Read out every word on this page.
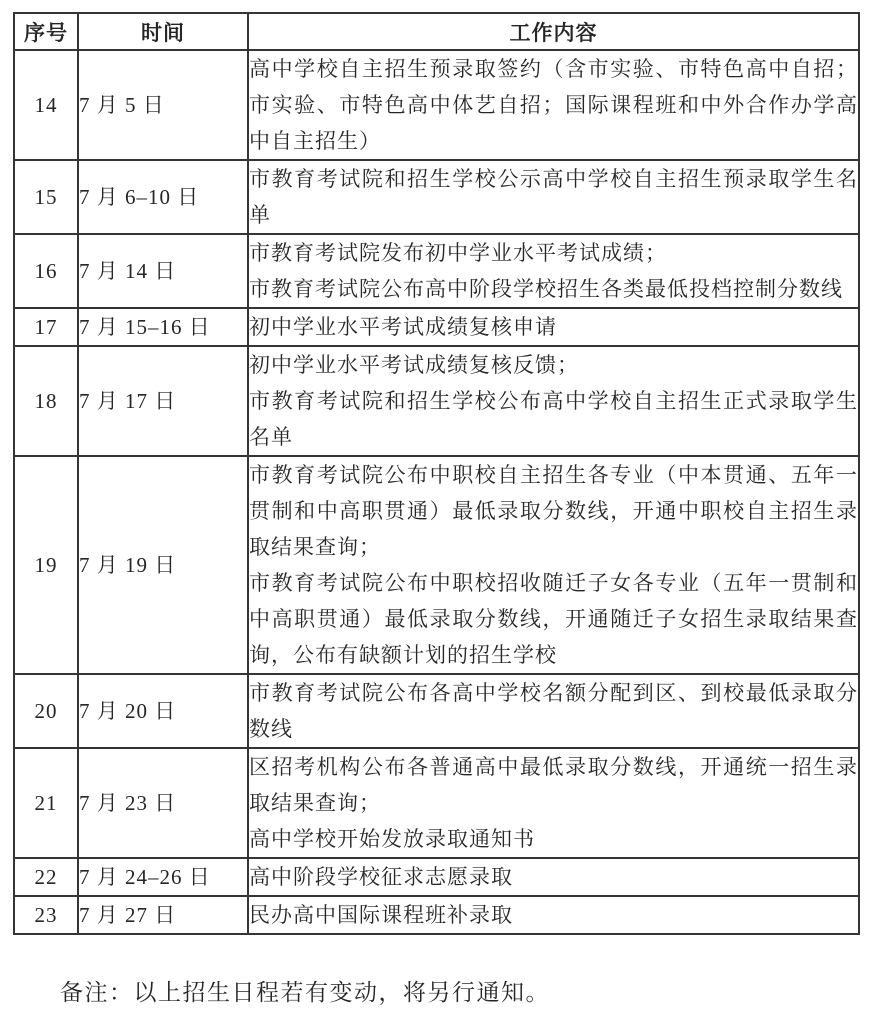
序号	时间	工作内容
14	7 月 5 日	高中学校自主招生预录取签约（含市实验、市特色高中自招；市实验、市特色高中体艺自招；国际课程班和中外合作办学高中自主招生）

15	7 月 6–10 日	市教育考试院和招生学校公示高中学校自主招生预录取学生名单

16	7 月 14 日	市教育考试院发布初中学业水平考试成绩；
市教育考试院公布高中阶段学校招生各类最低投档控制分数线

17	7 月 15–16 日	初中学业水平考试成绩复核申请

18	7 月 17 日	初中学业水平考试成绩复核反馈；
市教育考试院和招生学校公布高中学校自主招生正式录取学生名单

19	7 月 19 日	市教育考试院公布中职校自主招生各专业（中本贯通、五年一贯制和中高职贯通）最低录取分数线，开通中职校自主招生录取结果查询；
市教育考试院公布中职校招收随迁子女各专业（五年一贯制和中高职贯通）最低录取分数线，开通随迁子女招生录取结果查询，公布有缺额计划的招生学校

20	7 月 20 日	市教育考试院公布各高中学校名额分配到区、到校最低录取分数线

21	7 月 23 日	区招考机构公布各普通高中最低录取分数线，开通统一招生录取结果查询；
高中学校开始发放录取通知书

22	7 月 24–26 日	高中阶段学校征求志愿录取

23	7 月 27 日	民办高中国际课程班补录取

备注：以上招生日程若有变动，将另行通知。
